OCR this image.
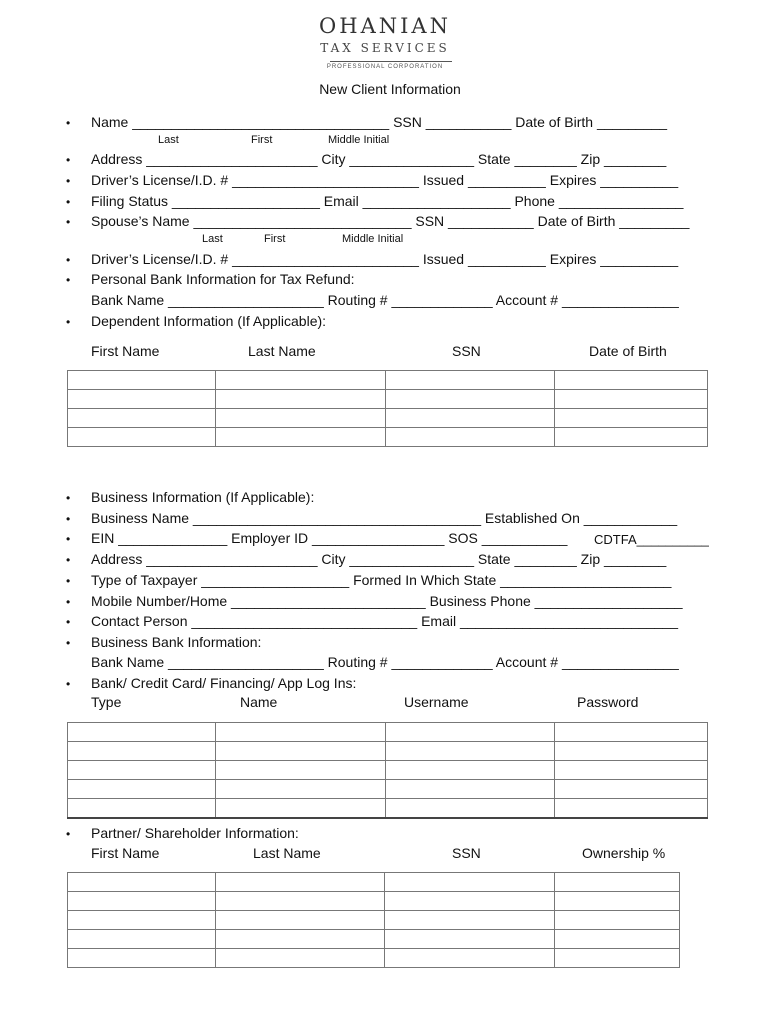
OHANIAN
TAX SERVICES
PROFESSIONAL CORPORATION
New Client Information
• Name _________________________________ SSN ___________ Date of Birth _________
Last	First	Middle Initial
• Address ______________________ City ________________ State ________ Zip ________
• Driver’s License/I.D. # ________________________ Issued __________ Expires __________
• Filing Status ___________________ Email ___________________ Phone ________________
• Spouse’s Name ____________________________ SSN ___________ Date of Birth _________
Last	First	Middle Initial
• Driver’s License/I.D. # ________________________ Issued __________ Expires __________
• Personal Bank Information for Tax Refund:
Bank Name ____________________ Routing # _____________ Account # _______________
• Dependent Information (If Applicable):
First Name	Last Name	SSN	Date of Birth

• Business Information (If Applicable):
• Business Name _____________________________________ Established On ____________
• EIN ______________ Employer ID _________________ SOS ___________ CDTFA__________
• Address ______________________ City ________________ State ________ Zip ________
• Type of Taxpayer ___________________ Formed In Which State ______________________
• Mobile Number/Home _________________________ Business Phone ___________________
• Contact Person _____________________________ Email ____________________________
• Business Bank Information:
Bank Name ____________________ Routing # _____________ Account # _______________
• Bank/ Credit Card/ Financing/ App Log Ins:
Type	Name	Username	Password

• Partner/ Shareholder Information:
First Name	Last Name	SSN	Ownership %
